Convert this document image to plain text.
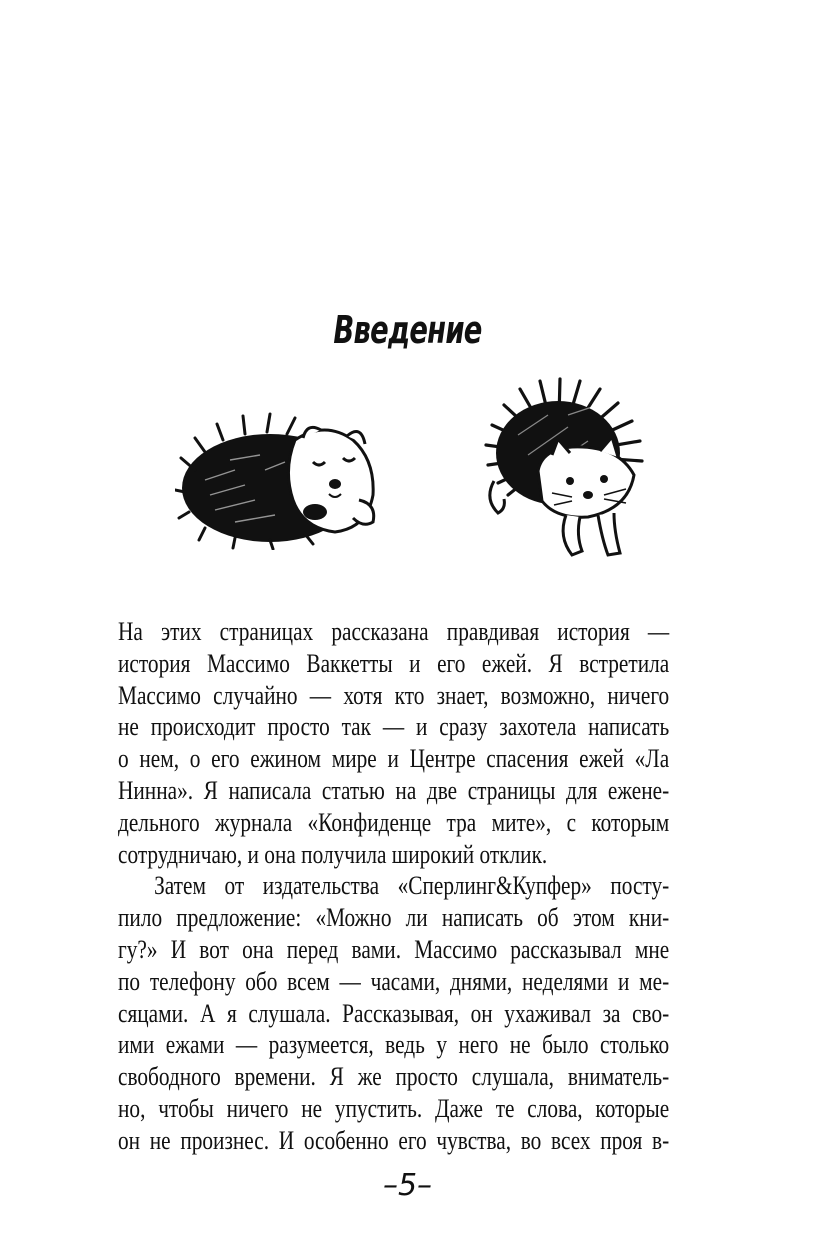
Введение
На этих страницах рассказана правдивая история —
история Массимо Ваккетты и его ежей. Я встретила
Массимо случайно — хотя кто знает, возможно, ничего
не происходит просто так — и сразу захотела написать
о нем, о его ежином мире и Центре спасения ежей «Ла
Нинна». Я написала статью на две страницы для ежене-
дельного журнала «Конфиденце тра мите», с которым
сотрудничаю, и она получила широкий отклик.
Затем от издательства «Сперлинг&Купфер» посту-
пило предложение: «Можно ли написать об этом кни-
гу?» И вот она перед вами. Массимо рассказывал мне
по телефону обо всем — часами, днями, неделями и ме-
сяцами. А я слушала. Рассказывая, он ухаживал за сво-
ими ежами — разумеется, ведь у него не было столько
свободного времени. Я же просто слушала, вниматель-
но, чтобы ничего не упустить. Даже те слова, которые
он не произнес. И особенно его чувства, во всех проя в-
–5–
